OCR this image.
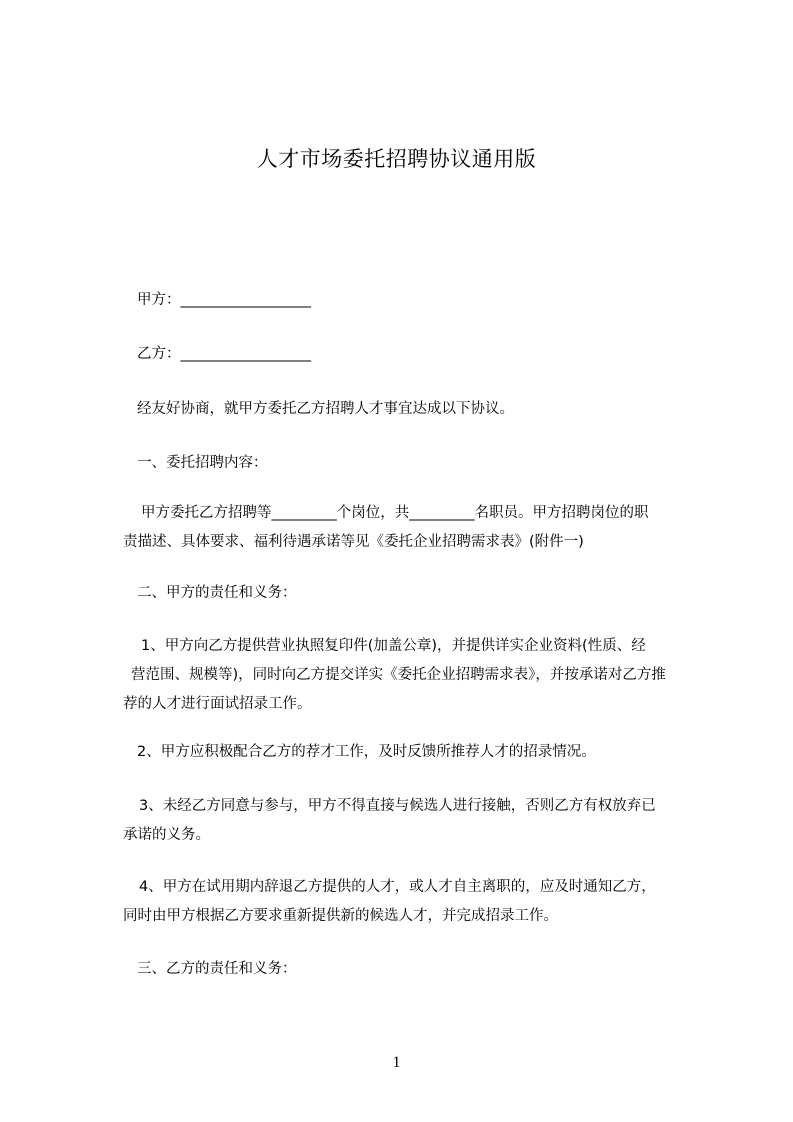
人才市场委托招聘协议通用版
甲方：__________________
乙方：__________________
经友好协商，就甲方委托乙方招聘人才事宜达成以下协议。
一、委托招聘内容：
甲方委托乙方招聘等_________个岗位，共_________名职员。甲方招聘岗位的职
责描述、具体要求、福利待遇承诺等见《委托企业招聘需求表》(附件一)
二、甲方的责任和义务：
1、甲方向乙方提供营业执照复印件(加盖公章)，并提供详实企业资料(性质、经
营范围、规模等)，同时向乙方提交详实《委托企业招聘需求表》，并按承诺对乙方推
荐的人才进行面试招录工作。
2、甲方应积极配合乙方的荐才工作，及时反馈所推荐人才的招录情况。
3、未经乙方同意与参与，甲方不得直接与候选人进行接触，否则乙方有权放弃已
承诺的义务。
4、甲方在试用期内辞退乙方提供的人才，或人才自主离职的，应及时通知乙方，
同时由甲方根据乙方要求重新提供新的候选人才，并完成招录工作。
三、乙方的责任和义务：
1
